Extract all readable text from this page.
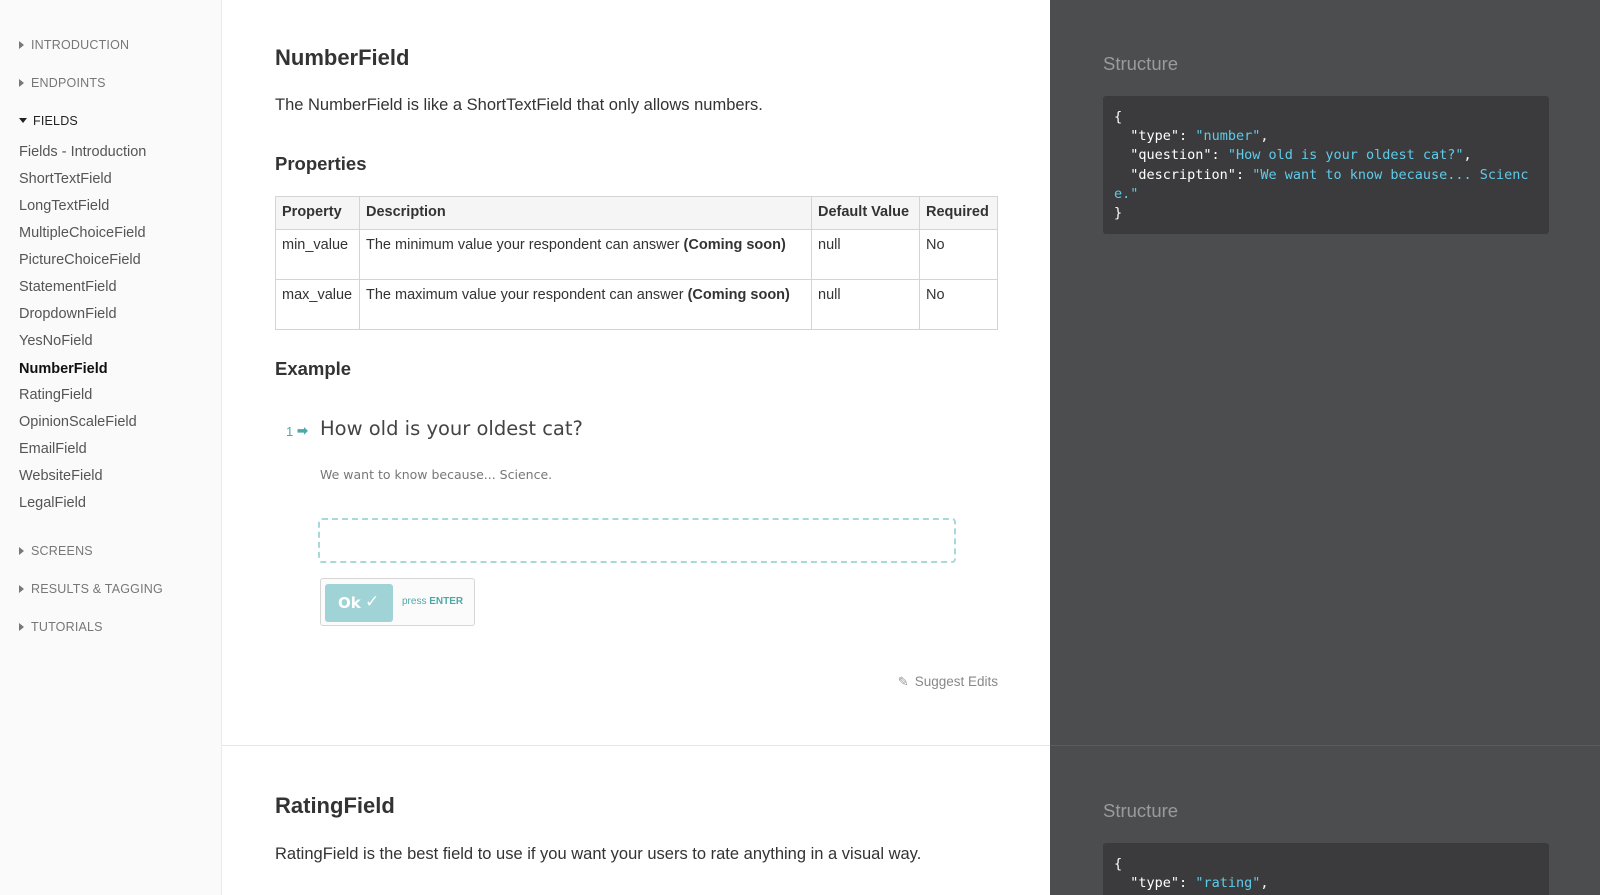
INTRODUCTION
ENDPOINTS
FIELDS
Fields - Introduction
ShortTextField
LongTextField
MultipleChoiceField
PictureChoiceField
StatementField
DropdownField
YesNoField
NumberField
RatingField
OpinionScaleField
EmailField
WebsiteField
LegalField
SCREENS
RESULTS & TAGGING
TUTORIALS
NumberField

The NumberField is like a ShortTextField that only allows numbers.

Properties
Property	Description	Default Value	Required
min_value	The minimum value your respondent can answer (Coming soon)	null	No
max_value	The maximum value your respondent can answer (Coming soon)	null	No
Example
1 ➡ How old is your oldest cat?
We want to know because... Science.
Ok ✓ press ENTER
✎ Suggest Edits
RatingField

RatingField is the best field to use if you want your users to rate anything in a visual way.

Structure
{
"type": "number",
"question": "How old is your oldest cat?",
"description": "We want to know because... Scienc
e."
}
Structure
{
"type": "rating",
